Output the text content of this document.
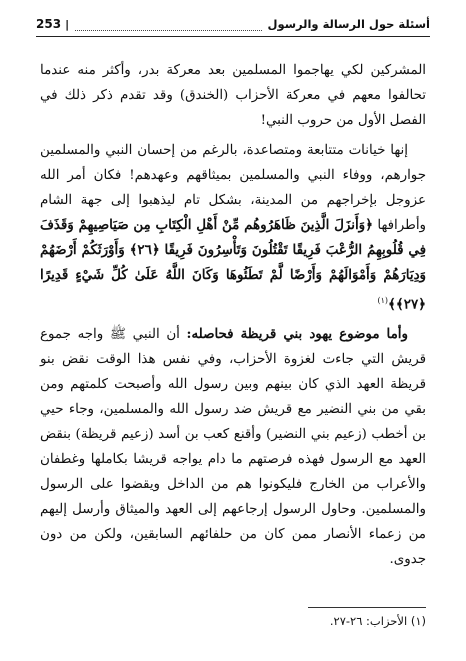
أسئلة حول الرسالة والرسول
|
253

المشركين لكي يهاجموا المسلمين بعد معركة بدر، وأكثر منه عندما تحالفوا معهم في معركة الأحزاب (الخندق) وقد تقدم ذكر ذلك في الفصل الأول من حروب النبي!

إنها خيانات متتابعة ومتصاعدة، بالرغم من إحسان النبي والمسلمين جوارهم، ووفاء النبي والمسلمين بميثاقهم وعهدهم! فكان أمر الله عزوجل بإخراجهم من المدينة، بشكل تام ليذهبوا إلى جهة الشام وأطرافها ﴿وَأَنزَلَ الَّذِينَ ظَاهَرُوهُم مِّنْ أَهْلِ الْكِتَابِ مِن صَيَاصِيهِمْ وَقَذَفَ فِي قُلُوبِهِمُ الرُّعْبَ فَرِيقًا تَقْتُلُونَ وَتَأْسِرُونَ فَرِيقًا ﴿٢٦﴾ وَأَوْرَثَكُمْ أَرْضَهُمْ وَدِيَارَهُمْ وَأَمْوَالَهُمْ وَأَرْضًا لَّمْ تَطَئُوهَا وَكَانَ اللَّهُ عَلَىٰ كُلِّ شَيْءٍ قَدِيرًا ﴿٢٧﴾﴾$^{(١)}$

وأما موضوع يهود بني قريظة فحاصله: أن النبي ﷺ واجه جموع قريش التي جاءت لغزوة الأحزاب، وفي نفس هذا الوقت نقض بنو قريظة العهد الذي كان بينهم وبين رسول الله وأصبحت كلمتهم ومن بقي من بني النضير مع قريش ضد رسول الله والمسلمين، وجاء حيي بن أخطب (زعيم بني النضير) وأقنع كعب بن أسد (زعيم قريظة) بنقض العهد مع الرسول فهذه فرصتهم ما دام يواجه قريشا بكاملها وغطفان والأعراب من الخارج فليكونوا هم من الداخل ويقضوا على الرسول والمسلمين. وحاول الرسول إرجاعهم إلى العهد والميثاق وأرسل إليهم من زعماء الأنصار ممن كان من حلفائهم السابقين، ولكن من دون جدوى.

(١) الأحزاب: ٢٦-٢٧.
